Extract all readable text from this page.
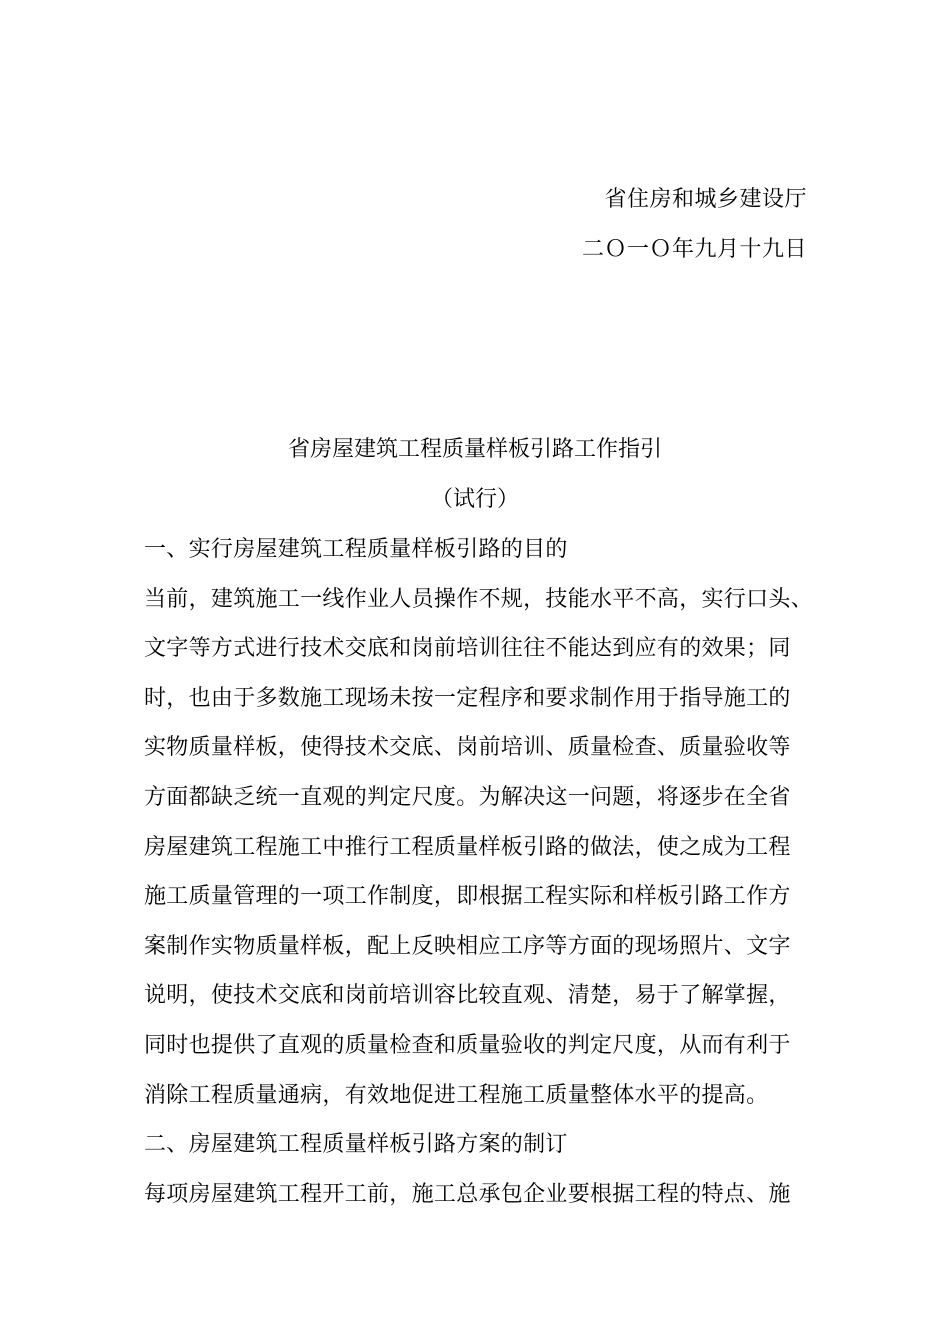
省住房和城乡建设厅
二Ｏ一Ｏ年九月十九日
省房屋建筑工程质量样板引路工作指引
（试行）
一、实行房屋建筑工程质量样板引路的目的
当前，建筑施工一线作业人员操作不规，技能水平不高，实行口头、
文字等方式进行技术交底和岗前培训往往不能达到应有的效果；同
时，也由于多数施工现场未按一定程序和要求制作用于指导施工的
实物质量样板，使得技术交底、岗前培训、质量检查、质量验收等
方面都缺乏统一直观的判定尺度。为解决这一问题，将逐步在全省
房屋建筑工程施工中推行工程质量样板引路的做法，使之成为工程
施工质量管理的一项工作制度，即根据工程实际和样板引路工作方
案制作实物质量样板，配上反映相应工序等方面的现场照片、文字
说明，使技术交底和岗前培训容比较直观、清楚，易于了解掌握，
同时也提供了直观的质量检查和质量验收的判定尺度，从而有利于
消除工程质量通病，有效地促进工程施工质量整体水平的提高。
二、房屋建筑工程质量样板引路方案的制订
每项房屋建筑工程开工前，施工总承包企业要根据工程的特点、施
